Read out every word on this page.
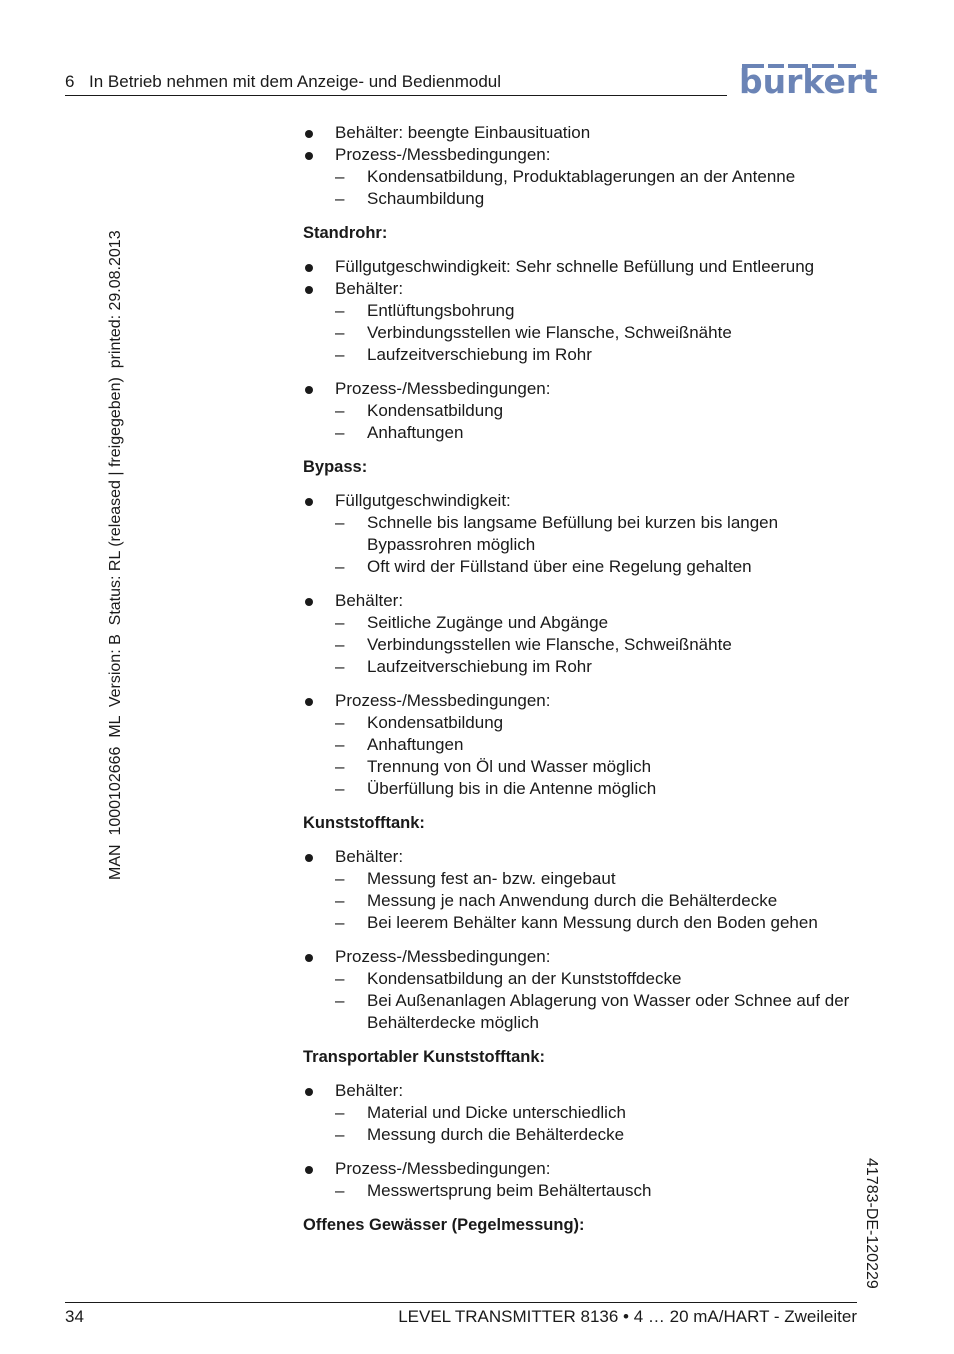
6 In Betrieb nehmen mit dem Anzeige- und Bedienmodul	burkert
MAN  1000102666  ML  Version: B  Status: RL (released | freigegeben)  printed: 29.08.2013
41783-DE-120229
Behälter: beengte Einbausituation
Prozess-/Messbedingungen:
– Kondensatbildung, Produktablagerungen an der Antenne
– Schaumbildung
Standrohr:
Füllgutgeschwindigkeit: Sehr schnelle Befüllung und Entleerung
Behälter:
– Entlüftungsbohrung
– Verbindungsstellen wie Flansche, Schweißnähte
– Laufzeitverschiebung im Rohr
Prozess-/Messbedingungen:
– Kondensatbildung
– Anhaftungen
Bypass:
Füllgutgeschwindigkeit:
– Schnelle bis langsame Befüllung bei kurzen bis langen Bypassrohren möglich
– Oft wird der Füllstand über eine Regelung gehalten
Behälter:
– Seitliche Zugänge und Abgänge
– Verbindungsstellen wie Flansche, Schweißnähte
– Laufzeitverschiebung im Rohr
Prozess-/Messbedingungen:
– Kondensatbildung
– Anhaftungen
– Trennung von Öl und Wasser möglich
– Überfüllung bis in die Antenne möglich
Kunststofftank:
Behälter:
– Messung fest an- bzw. eingebaut
– Messung je nach Anwendung durch die Behälterdecke
– Bei leerem Behälter kann Messung durch den Boden gehen
Prozess-/Messbedingungen:
– Kondensatbildung an der Kunststoffdecke
– Bei Außenanlagen Ablagerung von Wasser oder Schnee auf der Behälterdecke möglich
Transportabler Kunststofftank:
Behälter:
– Material und Dicke unterschiedlich
– Messung durch die Behälterdecke
Prozess-/Messbedingungen:
– Messwertsprung beim Behältertausch
Offenes Gewässer (Pegelmessung):
34	LEVEL TRANSMITTER 8136 • 4 … 20 mA/HART - Zweileiter
